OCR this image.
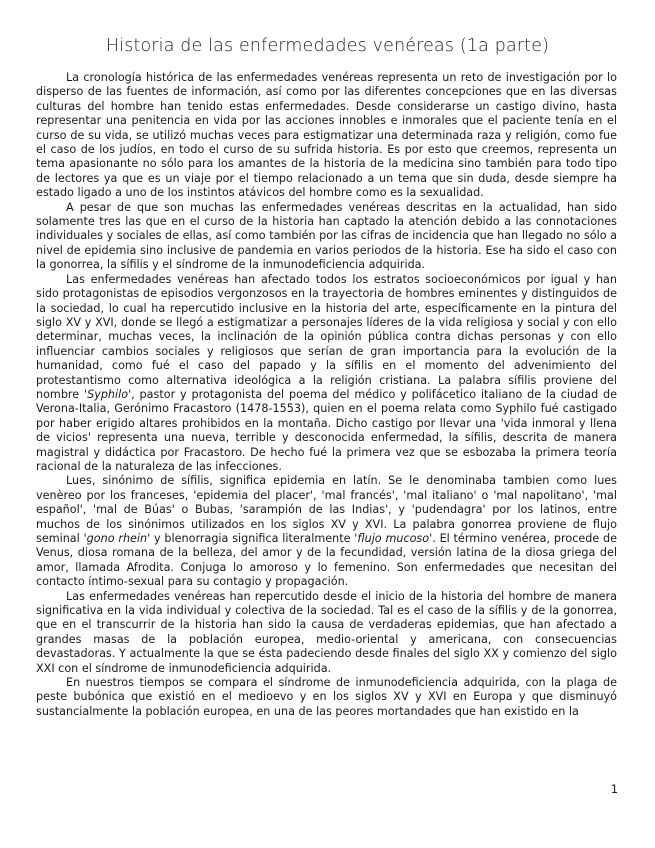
Historia de las enfermedades venéreas (1a parte)

La cronología histórica de las enfermedades venéreas representa un reto de investigación por lo disperso de las fuentes de información, así como por las diferentes concepciones que en las diversas culturas del hombre han tenido estas enfermedades. Desde considerarse un castigo divino, hasta representar una penitencia en vida por las acciones innobles e inmorales que el paciente tenía en el curso de su vida, se utilizó muchas veces para estigmatizar una determinada raza y religión, como fue el caso de los judíos, en todo el curso de su sufrida historia. Es por esto que creemos, representa un tema apasionante no sólo para los amantes de la historia de la medicina sino también para todo tipo de lectores ya que es un viaje por el tiempo relacionado a un tema que sin duda, desde siempre ha estado ligado a uno de los instintos atávicos del hombre como es la sexualidad.

A pesar de que son muchas las enfermedades venéreas descritas en la actualidad, han sido solamente tres las que en el curso de la historia han captado la atención debido a las connotaciones individuales y sociales de ellas, así como también por las cifras de incidencia que han llegado no sólo a nivel de epidemia sino inclusive de pandemia en varios periodos de la historia. Ese ha sido el caso con la gonorrea, la sífilis y el síndrome de la inmunodeficiencia adquirida.

Las enfermedades venéreas han afectado todos los estratos socioeconómicos por igual y han sido protagonistas de episodios vergonzosos en la trayectoria de hombres eminentes y distinguidos de la sociedad, lo cual ha repercutido inclusive en la historia del arte, específicamente en la pintura del siglo XV y XVI, donde se llegó a estigmatizar a personajes líderes de la vida religiosa y social y con ello determinar, muchas veces, la inclinación de la opinión pública contra dichas personas y con ello influenciar cambios sociales y religiosos que serían de gran importancia para la evolución de la humanidad, como fué el caso del papado y la sífilis en el momento del advenimiento del protestantismo como alternativa ideológica a la religión cristiana. La palabra sífilis proviene del nombre 'Syphilo', pastor y protagonista del poema del médico y polifácetico italiano de la ciudad de Verona-Italia, Gerónimo Fracastoro (1478-1553), quien en el poema relata como Syphilo fué castigado por haber erigido altares prohibidos en la montaña. Dicho castigo por llevar una 'vida inmoral y llena de vicios' representa una nueva, terrible y desconocida enfermedad, la sífilis, descrita de manera magistral y didáctica por Fracastoro. De hecho fué la primera vez que se esbozaba la primera teoría racional de la naturaleza de las infecciones.

Lues, sinónimo de sífilis, significa epidemia en latín. Se le denominaba tambien como lues venèreo por los franceses, 'epidemia del placer', 'mal francés', 'mal italiano' o 'mal napolitano', 'mal español', 'mal de Búas' o Bubas, 'sarampión de las Indias', y 'pudendagra' por los latinos, entre muchos de los sinónimos utilizados en los siglos XV y XVI. La palabra gonorrea proviene de flujo seminal 'gono rhein' y blenorragia significa literalmente 'flujo mucoso'. El término venérea, procede de Venus, diosa romana de la belleza, del amor y de la fecundidad, versión latina de la diosa griega del amor, llamada Afrodita. Conjuga lo amoroso y lo femenino. Son enfermedades que necesitan del contacto íntimo-sexual para su contagio y propagación.

Las enfermedades venéreas han repercutido desde el inicio de la historia del hombre de manera significativa en la vida individual y colectiva de la sociedad. Tal es el caso de la sífilis y de la gonorrea, que en el transcurrir de la historia han sido la causa de verdaderas epidemias, que han afectado a grandes masas de la población europea, medio-oriental y americana, con consecuencias devastadoras. Y actualmente la que se ésta padeciendo desde finales del siglo XX y comienzo del siglo XXI con el síndrome de inmunodeficiencia adquirida.

En nuestros tiempos se compara el síndrome de inmunodeficiencia adquirida, con la plaga de peste bubónica que existió en el medioevo y en los siglos XV y XVI en Europa y que disminuyó sustancialmente la población europea, en una de las peores mortandades que han existido en la

1
